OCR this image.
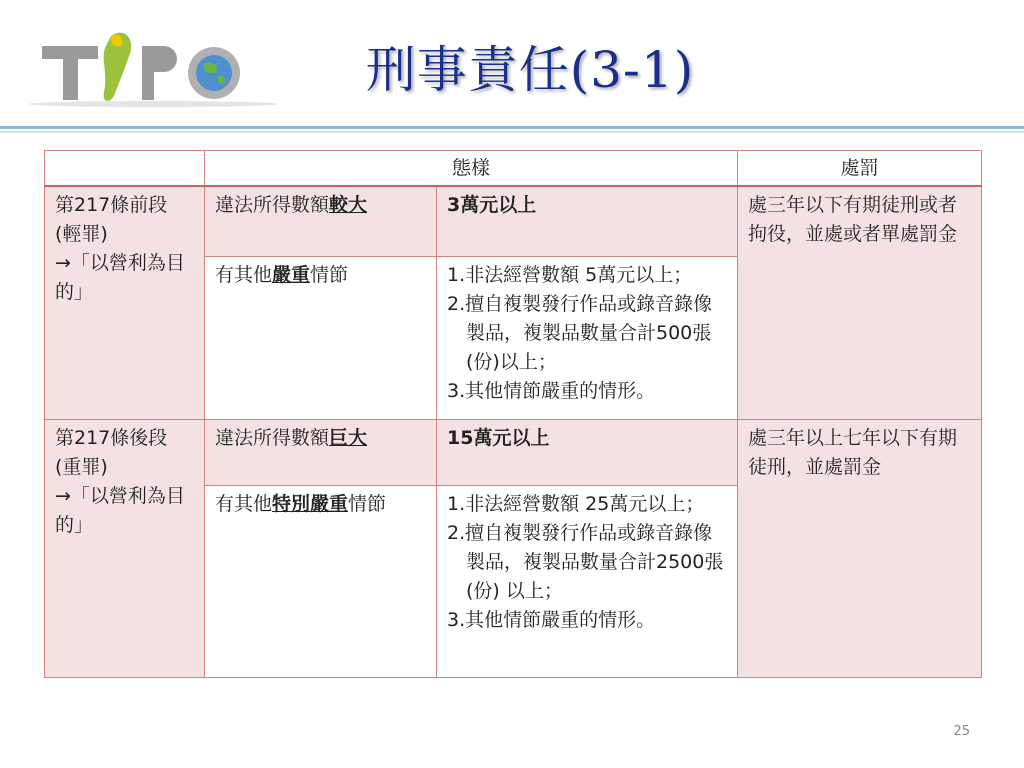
T	P	刑事責任(3-1)
	態樣		處罰

第217條前段
(輕罪)
→「以營利為目的」	違法所得數額較大	3萬元以上	處三年以下有期徒刑或者拘役，並處或者單處罰金
	有其他嚴重情節	1.非法經營數額 5萬元以上；
2.擅自複製發行作品或錄音錄像製品，複製品數量合計500張(份)以上；
3.其他情節嚴重的情形。	

第217條後段
(重罪)
→「以營利為目的」	違法所得數額巨大	15萬元以上	處三年以上七年以下有期徒刑，並處罰金
	有其他特別嚴重情節	1.非法經營數額 25萬元以上；
2.擅自複製發行作品或錄音錄像製品，複製品數量合計2500張 (份) 以上；
3.其他情節嚴重的情形。	
25
